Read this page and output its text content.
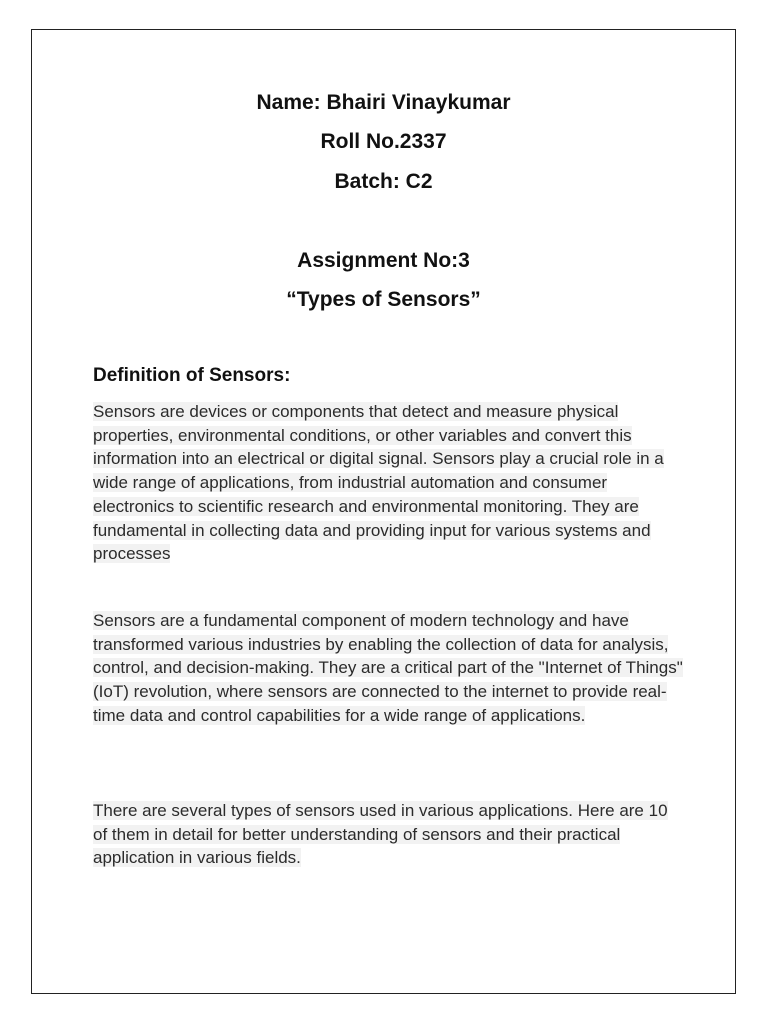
Name: Bhairi Vinaykumar
Roll No.2337
Batch: C2
Assignment No:3
“Types of Sensors”
Definition of Sensors:
Sensors are devices or components that detect and measure physical properties, environmental conditions, or other variables and convert this information into an electrical or digital signal. Sensors play a crucial role in a wide range of applications, from industrial automation and consumer electronics to scientific research and environmental monitoring. They are fundamental in collecting data and providing input for various systems and processes
Sensors are a fundamental component of modern technology and have transformed various industries by enabling the collection of data for analysis, control, and decision-making. They are a critical part of the "Internet of Things" (IoT) revolution, where sensors are connected to the internet to provide real-time data and control capabilities for a wide range of applications.
There are several types of sensors used in various applications. Here are 10 of them in detail for better understanding of sensors and their practical application in various fields.
